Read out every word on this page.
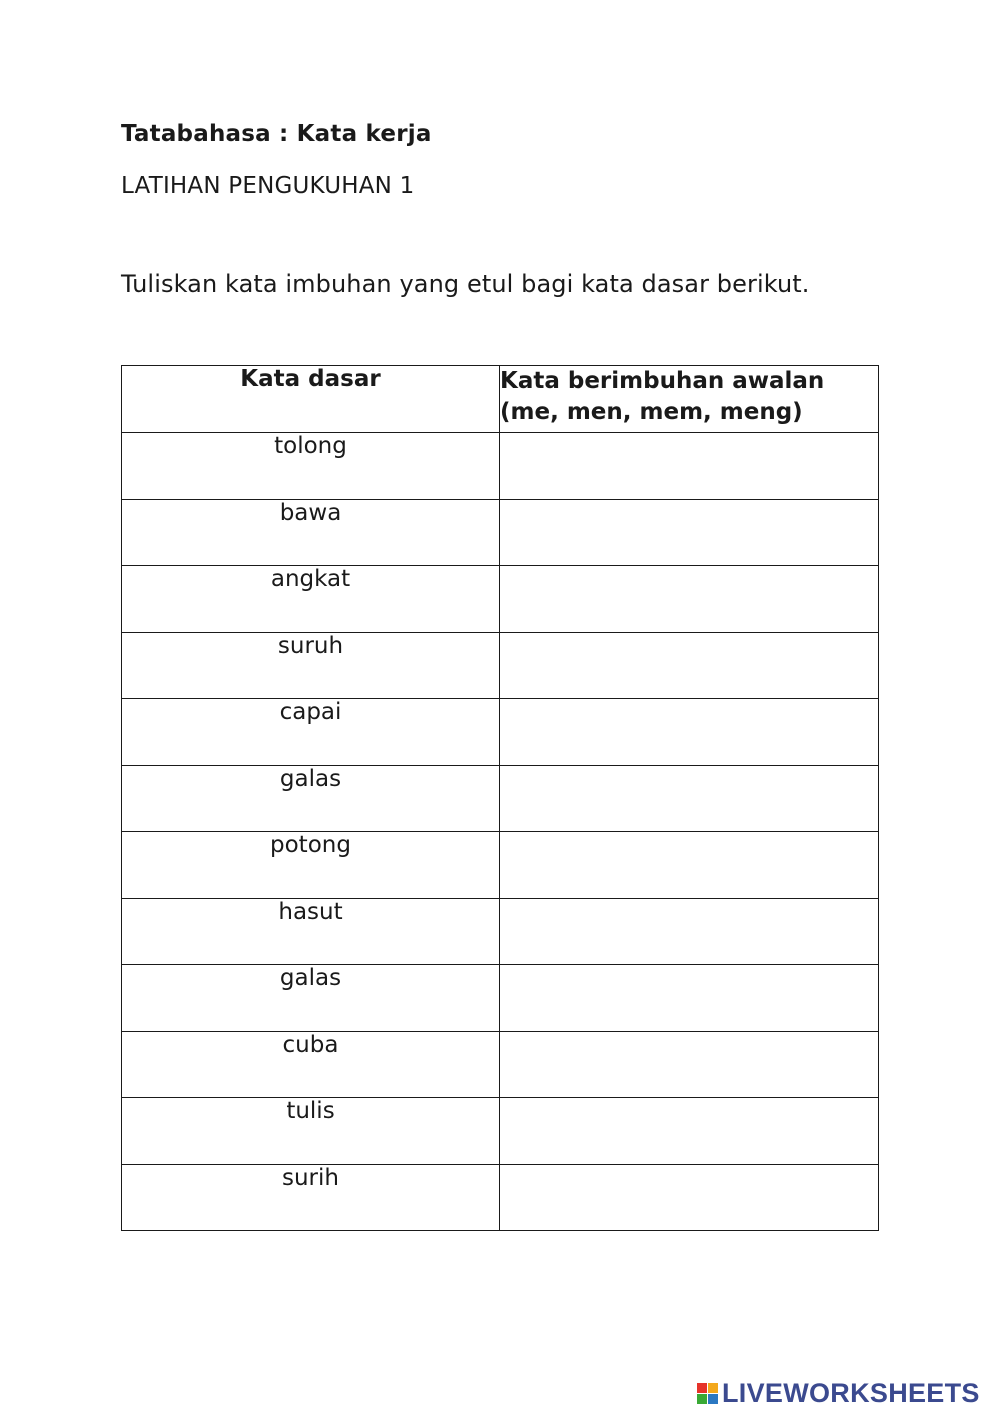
Tatabahasa : Kata kerja
LATIHAN PENGUKUHAN 1
Tuliskan kata imbuhan yang etul bagi kata dasar berikut.
Kata dasar	Kata berimbuhan awalan
(me, men, mem, meng)

tolong	
bawa	
angkat	
suruh	
capai	
galas	
potong	
hasut	
galas	
cuba	
tulis	
surih	
LIVEWORKSHEETS
